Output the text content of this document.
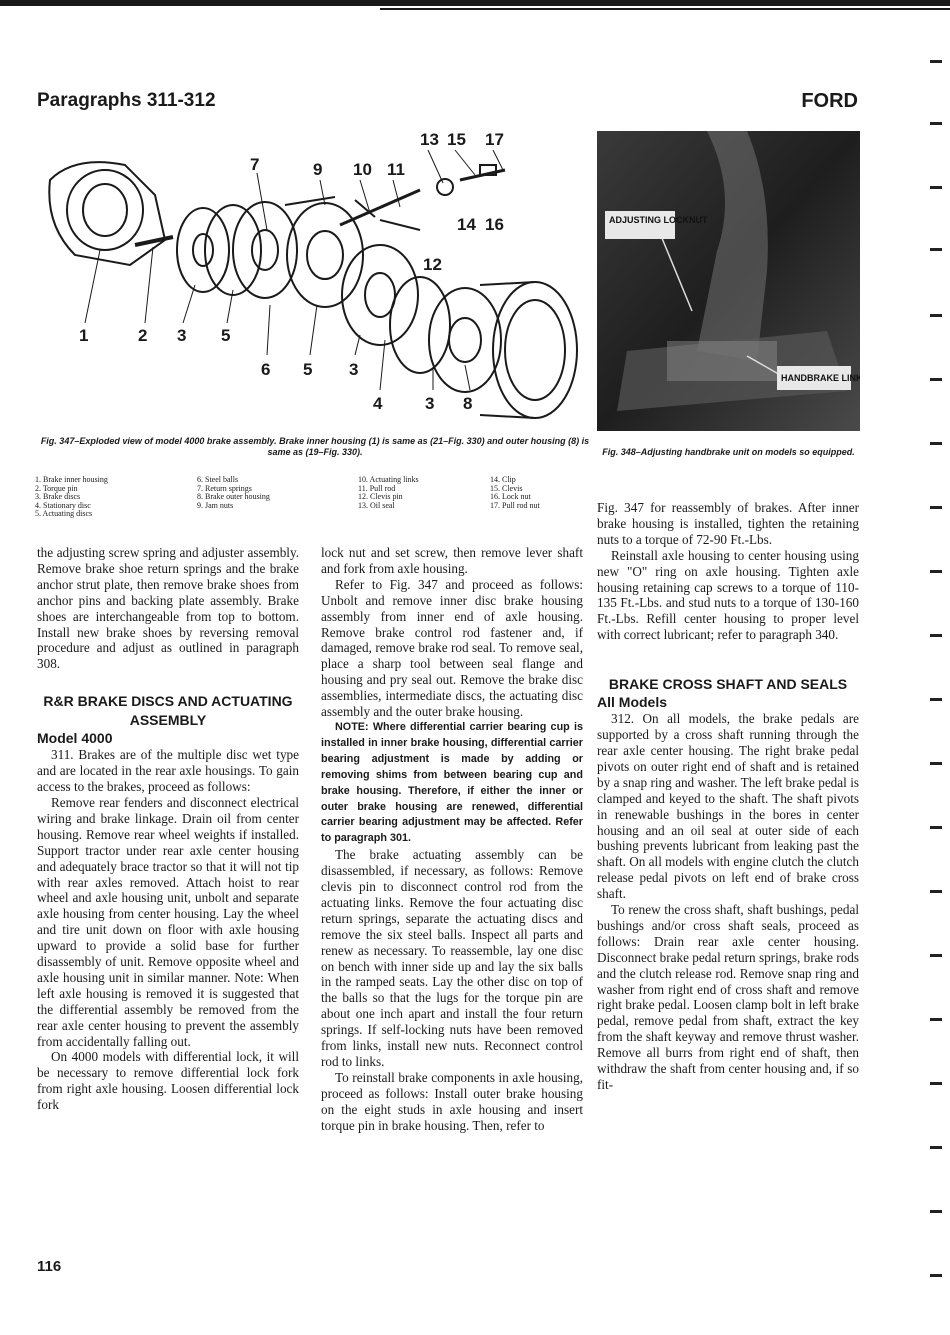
Paragraphs 311-312	FORD
13 15 17
7	9 10 11
12
14 16
1	2 3 5
6 5 3
4	3 8
ADJUSTING LOCKNUT
HANDBRAKE LINK
Fig. 347–Exploded view of model 4000 brake assembly. Brake inner housing (1) is same as (21–Fig. 330) and outer housing (8) is same as (19–Fig. 330).	Fig. 348–Adjusting handbrake unit on models so equipped.
1. Brake inner housing
2. Torque pin
3. Brake discs
4. Stationary disc
5. Actuating discs
6. Steel balls
7. Return springs
8. Brake outer housing
9. Jam nuts
10. Actuating links
11. Pull rod
12. Clevis pin
13. Oil seal
14. Clip
15. Clevis
16. Lock nut
17. Pull rod nut

the adjusting screw spring and adjuster assembly. Remove brake shoe return springs and the brake anchor strut plate, then remove brake shoes from anchor pins and backing plate assembly. Brake shoes are interchangeable from top to bottom. Install new brake shoes by reversing removal procedure and adjust as outlined in paragraph 308.

R&R BRAKE DISCS AND ACTUATING ASSEMBLY
Model 4000

311. Brakes are of the multiple disc wet type and are located in the rear axle housings. To gain access to the brakes, proceed as follows:

Remove rear fenders and disconnect electrical wiring and brake linkage. Drain oil from center housing. Remove rear wheel weights if installed. Support tractor under rear axle center housing and adequately brace tractor so that it will not tip with rear axles removed. Attach hoist to rear wheel and axle housing unit, unbolt and separate axle housing from center housing. Lay the wheel and tire unit down on floor with axle housing upward to provide a solid base for further disassembly of unit. Remove opposite wheel and axle housing unit in similar manner. Note: When left axle housing is removed it is suggested that the differential assembly be removed from the rear axle center housing to prevent the assembly from accidentally falling out.

On 4000 models with differential lock, it will be necessary to remove differential lock fork from right axle housing. Loosen differential lock fork

lock nut and set screw, then remove lever shaft and fork from axle housing.

Refer to Fig. 347 and proceed as follows: Unbolt and remove inner disc brake housing assembly from inner end of axle housing. Remove brake control rod fastener and, if damaged, remove brake rod seal. To remove seal, place a sharp tool between seal flange and housing and pry seal out. Remove the brake disc assemblies, intermediate discs, the actuating disc assembly and the outer brake housing.

NOTE: Where differential carrier bearing cup is installed in inner brake housing, differential carrier bearing adjustment is made by adding or removing shims from between bearing cup and brake housing. Therefore, if either the inner or outer brake housing are renewed, differential carrier bearing adjustment may be affected. Refer to paragraph 301.

The brake actuating assembly can be disassembled, if necessary, as follows: Remove clevis pin to disconnect control rod from the actuating links. Remove the four actuating disc return springs, separate the actuating discs and remove the six steel balls. Inspect all parts and renew as necessary. To reassemble, lay one disc on bench with inner side up and lay the six balls in the ramped seats. Lay the other disc on top of the balls so that the lugs for the torque pin are about one inch apart and install the four return springs. If self-locking nuts have been removed from links, install new nuts. Reconnect control rod to links.

To reinstall brake components in axle housing, proceed as follows: Install outer brake housing on the eight studs in axle housing and insert torque pin in brake housing. Then, refer to

Fig. 347 for reassembly of brakes. After inner brake housing is installed, tighten the retaining nuts to a torque of 72-90 Ft.-Lbs.

Reinstall axle housing to center housing using new "O" ring on axle housing. Tighten axle housing retaining cap screws to a torque of 110-135 Ft.-Lbs. and stud nuts to a torque of 130-160 Ft.-Lbs. Refill center housing to proper level with correct lubricant; refer to paragraph 340.

BRAKE CROSS SHAFT AND SEALS
All Models

312. On all models, the brake pedals are supported by a cross shaft running through the rear axle center housing. The right brake pedal pivots on outer right end of shaft and is retained by a snap ring and washer. The left brake pedal is clamped and keyed to the shaft. The shaft pivots in renewable bushings in the bores in center housing and an oil seal at outer side of each bushing prevents lubricant from leaking past the shaft. On all models with engine clutch the clutch release pedal pivots on left end of brake cross shaft.

To renew the cross shaft, shaft bushings, pedal bushings and/or cross shaft seals, proceed as follows: Drain rear axle center housing. Disconnect brake pedal return springs, brake rods and the clutch release rod. Remove snap ring and washer from right end of cross shaft and remove right brake pedal. Loosen clamp bolt in left brake pedal, remove pedal from shaft, extract the key from the shaft keyway and remove thrust washer. Remove all burrs from right end of shaft, then withdraw the shaft from center housing and, if so fit-

116
